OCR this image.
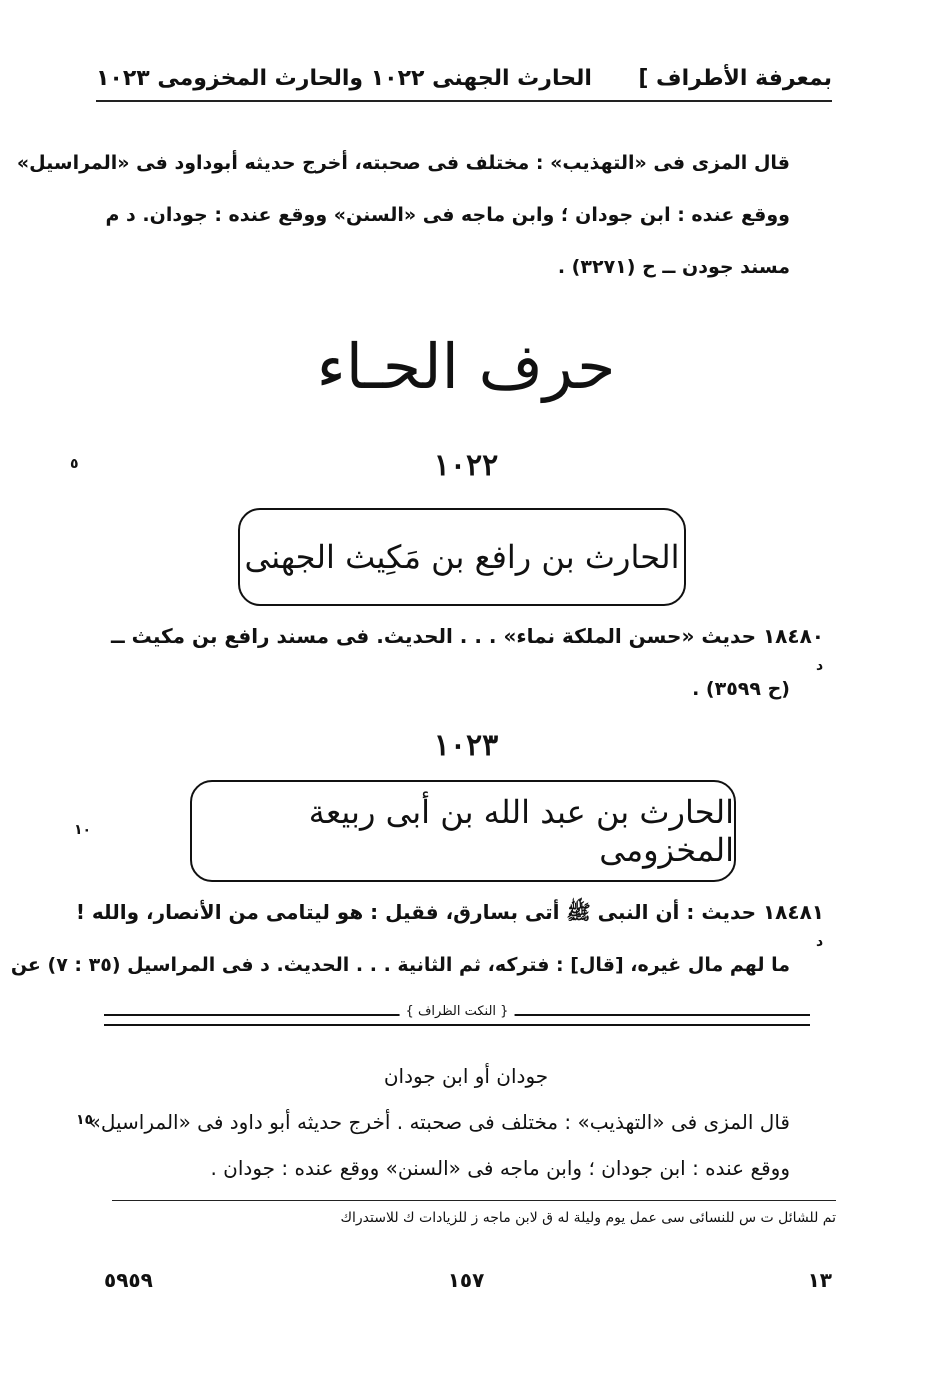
بمعرفة الأطراف ]
الحارث الجهنى ١٠٢٢ والحارث المخزومى ١٠٢٣
قال المزى فى «التهذيب» : مختلف فى صحبته، أخرج حديثه أبوداود فى «المراسيل»
ووقع عنده : ابن جودان ؛ وابن ماجه فى «السنن» ووقع عنده : جودان. د م
مسند جودن ــ ح (٣٢٧١) .
حرف الحـاء
٥	١٠٢٢
الحارث بن رافع بن مَكِيث الجهنى
١٨٤٨٠ حديث «حسن الملكة نماء» . . . الحديث. فى مسند رافع بن مكيث ــ
د
(ح ٣٥٩٩) .
١٠٢٣
الحارث بن عبد الله بن أبى ربيعة المخزومى
١٠
١٨٤٨١ حديث : أن النبى ﷺ أتى بسارق، فقيل : هو ليتامى من الأنصار، والله !
د
ما لهم مال غيره، [قال] : فتركه، ثم الثانية . . . الحديث. د فى المراسيل (٣٥ : ٧) عن
{ النكت الظراف }
جودان أو ابن جودان
قال المزى فى «التهذيب» : مختلف فى صحبته . أخرج حديثه أبو داود فى «المراسيل»
١٥
ووقع عنده : ابن جودان ؛ وابن ماجه فى «السنن» ووقع عنده : جودان .
تم للشائل ت س للنسائى سى عمل يوم وليلة له ق لابن ماجه ز للزيادات ك للاستدراك
١٣
١٥٧
٥٩٥٩
